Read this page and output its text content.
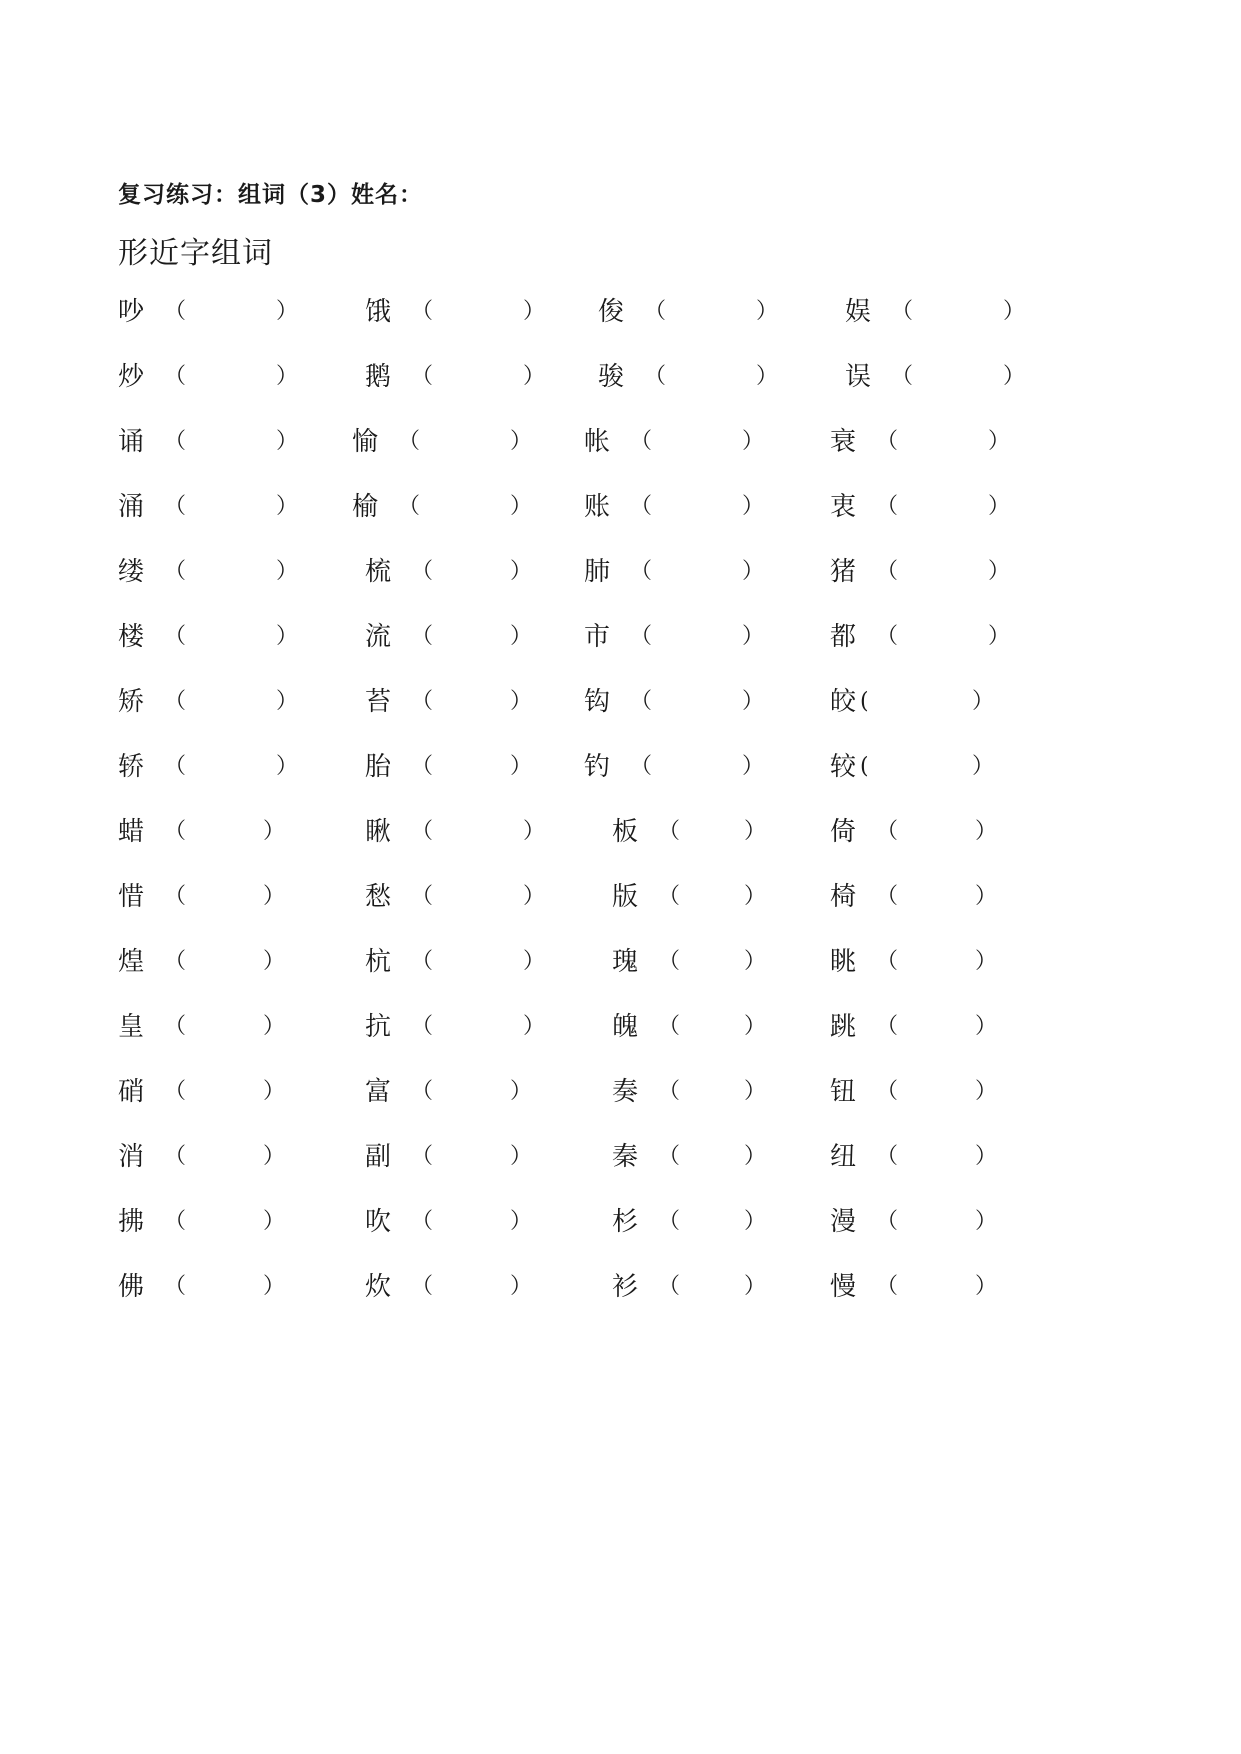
复习练习：组词（3）姓名：
形近字组词
吵 （	）	饿 （	） 俊 （	）	娱 （	）
炒 （	）	鹅 （	） 骏 （	）	误 （	）
诵 （	） 愉 （	） 帐 （	）	衰 （	）
涌 （	） 榆 （	） 账 （	）	衷 （	）
缕 （	）	梳 （	） 肺 （	）	猪 （	）
楼 （	）	流 （	） 市 （	）	都 （	）
矫 （	）	苔 （	） 钩 （	）	皎 (	）
轿 （	）	胎 （	） 钓 （	）	较 (	）
蜡 （	）	瞅 （	）	板 （	） 倚 （	）
惜 （	）	愁 （	）	版 （	） 椅 （	）
煌 （	）	杭 （	）	瑰 （	） 眺 （	）
皇 （	）	抗 （	）	魄 （	） 跳 （	）
硝 （	）	富 （	）	奏 （	） 钮 （	）
消 （	）	副 （	）	秦 （	） 纽 （	）
拂 （	）	吹 （	）	杉 （	） 漫 （	）
佛 （	）	炊 （	）	衫 （	） 慢 （	）
